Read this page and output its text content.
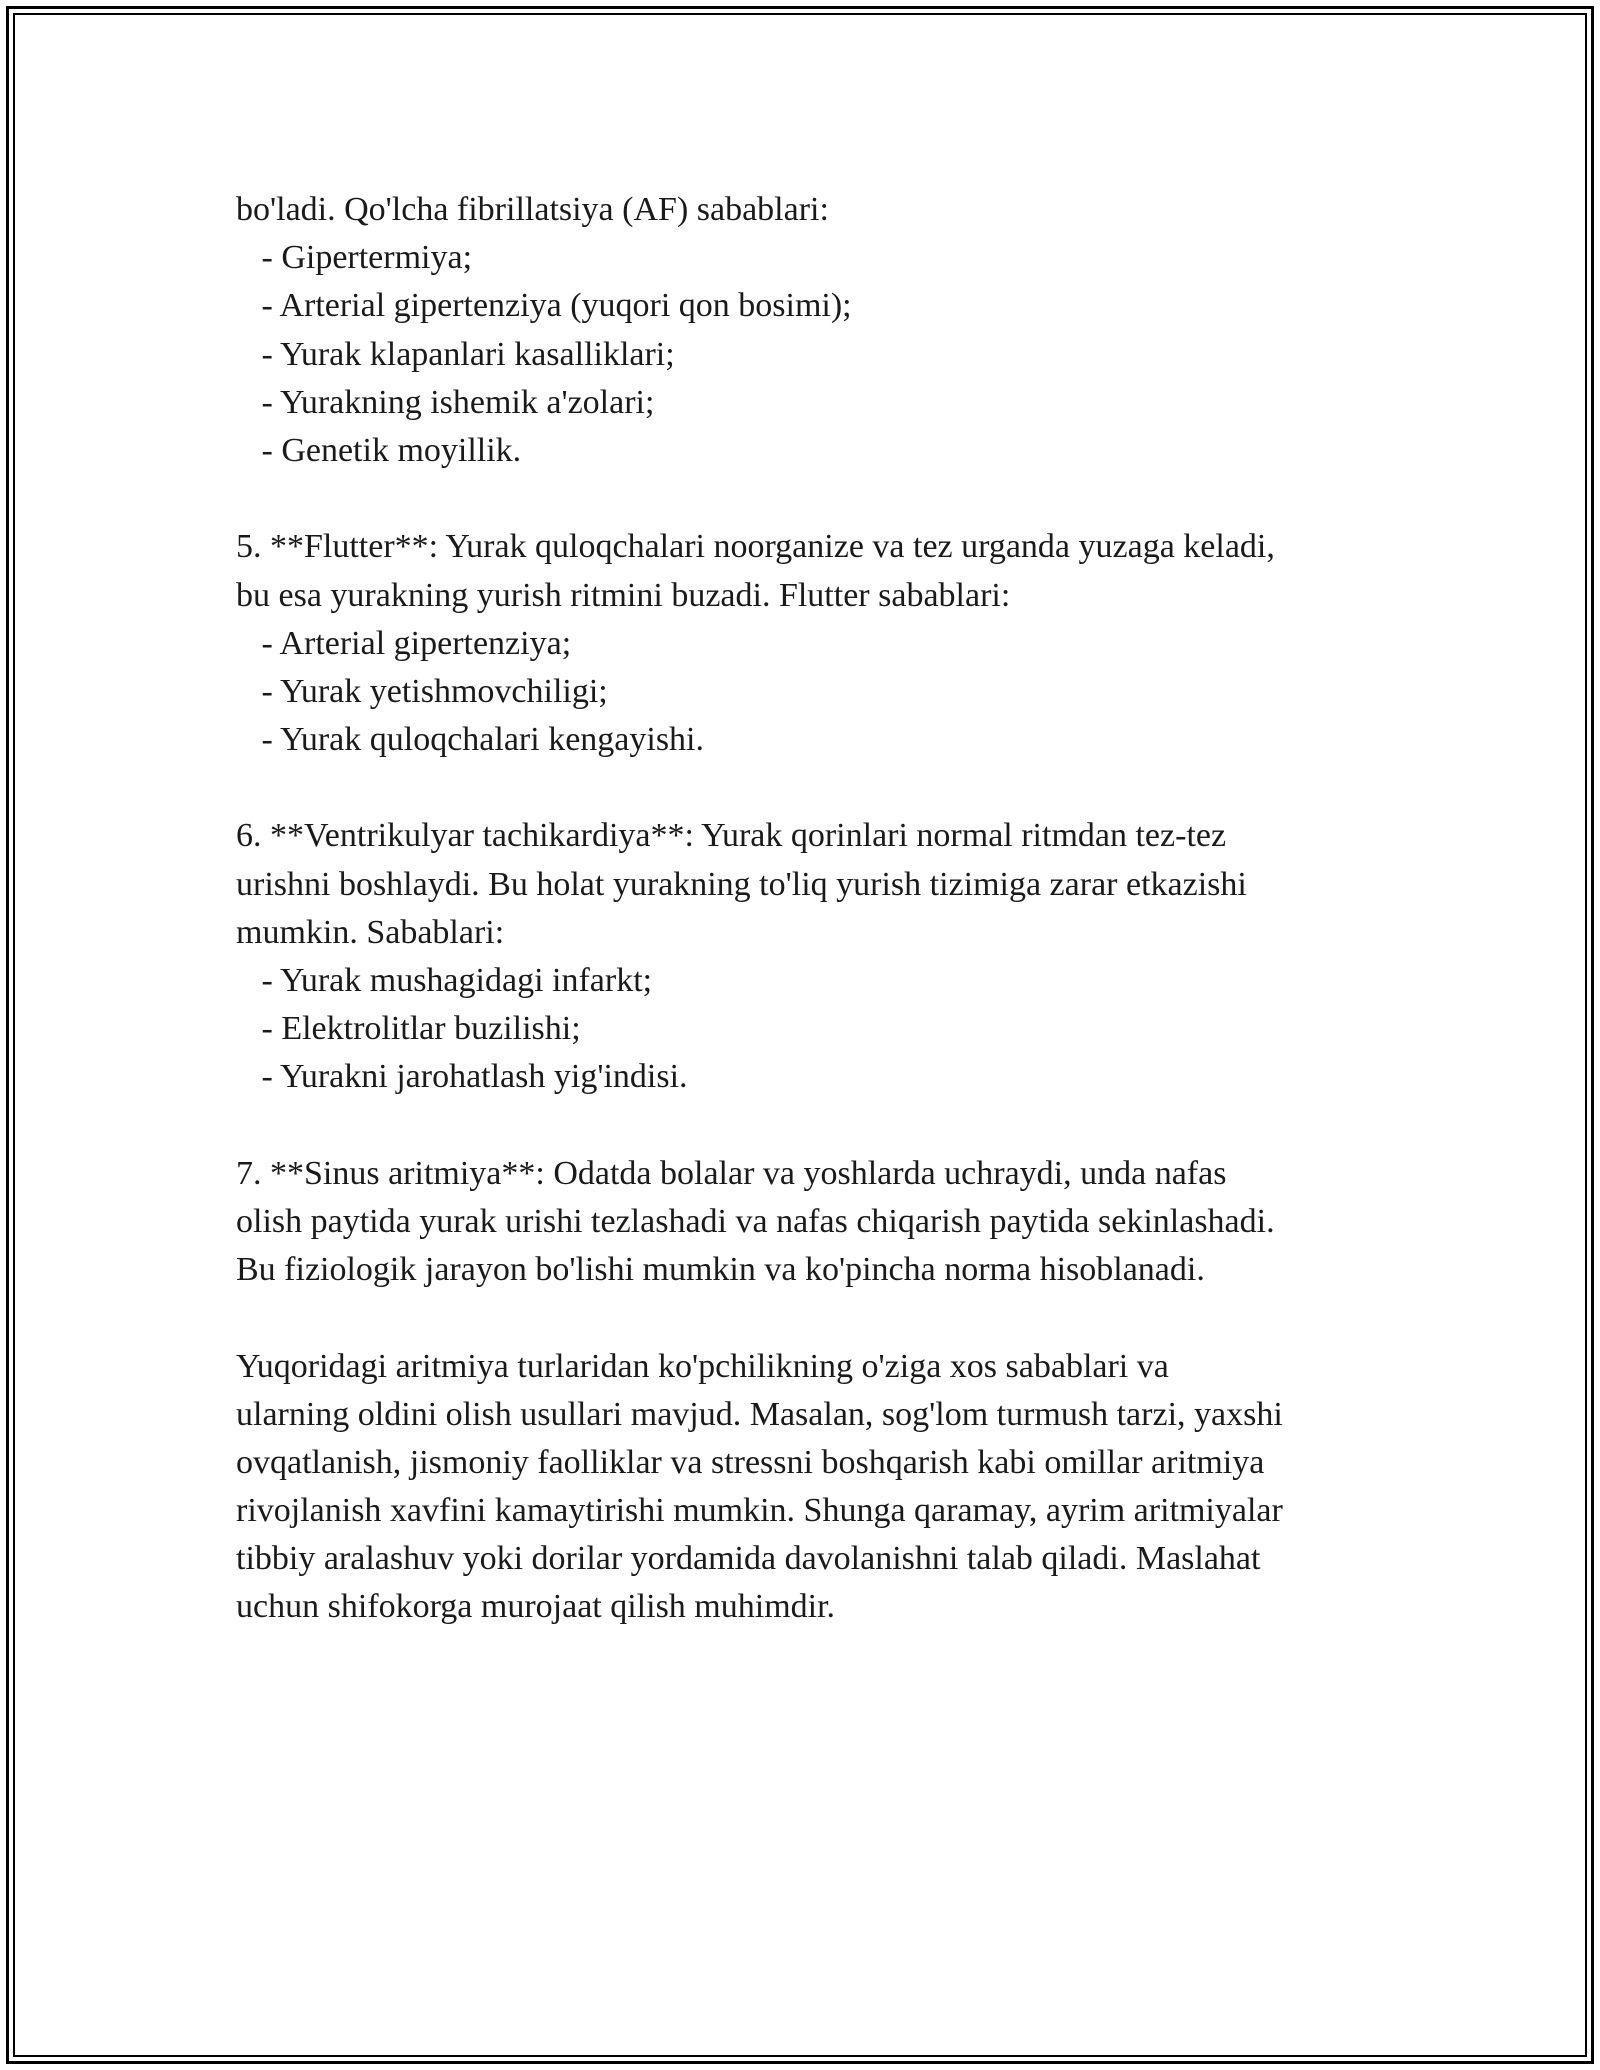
bo'ladi. Qo'lcha fibrillatsiya (AF) sabablari:
- Gipertermiya;
- Arterial gipertenziya (yuqori qon bosimi);
- Yurak klapanlari kasalliklari;
- Yurakning ishemik a'zolari;
- Genetik moyillik.
5. **Flutter**: Yurak quloqchalari noorganize va tez urganda yuzaga keladi,
bu esa yurakning yurish ritmini buzadi. Flutter sabablari:
- Arterial gipertenziya;
- Yurak yetishmovchiligi;
- Yurak quloqchalari kengayishi.
6. **Ventrikulyar tachikardiya**: Yurak qorinlari normal ritmdan tez-tez
urishni boshlaydi. Bu holat yurakning to'liq yurish tizimiga zarar etkazishi
mumkin. Sabablari:
- Yurak mushagidagi infarkt;
- Elektrolitlar buzilishi;
- Yurakni jarohatlash yig'indisi.
7. **Sinus aritmiya**: Odatda bolalar va yoshlarda uchraydi, unda nafas
olish paytida yurak urishi tezlashadi va nafas chiqarish paytida sekinlashadi.
Bu fiziologik jarayon bo'lishi mumkin va ko'pincha norma hisoblanadi.
Yuqoridagi aritmiya turlaridan ko'pchilikning o'ziga xos sabablari va
ularning oldini olish usullari mavjud. Masalan, sog'lom turmush tarzi, yaxshi
ovqatlanish, jismoniy faolliklar va stressni boshqarish kabi omillar aritmiya
rivojlanish xavfini kamaytirishi mumkin. Shunga qaramay, ayrim aritmiyalar
tibbiy aralashuv yoki dorilar yordamida davolanishni talab qiladi. Maslahat
uchun shifokorga murojaat qilish muhimdir.
